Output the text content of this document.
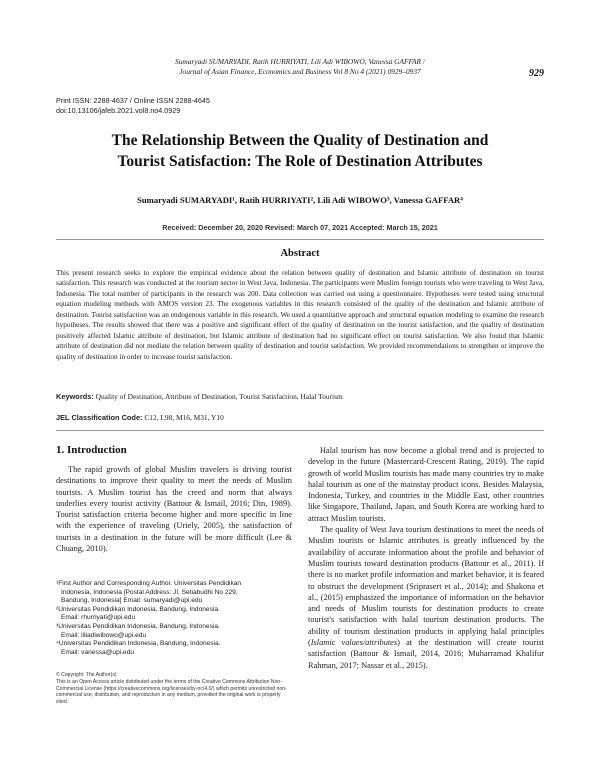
Sumaryadi SUMARYADI, Ratih HURRIYATI, Lili Adi WIBOWO, Vanessa GAFFAR /
Journal of Asian Finance, Economics and Business Vol 8 No 4 (2021) 0929–0937	929
Print ISSN: 2288-4637 / Online ISSN 2288-4645
doi:10.13106/jafeb.2021.vol8.no4.0929
The Relationship Between the Quality of Destination and
Tourist Satisfaction: The Role of Destination Attributes
Sumaryadi SUMARYADI¹, Ratih HURRIYATI², Lili Adi WIBOWO³, Vanessa GAFFAR⁴
Received: December 20, 2020 Revised: March 07, 2021 Accepted: March 15, 2021
Abstract
This present research seeks to explore the empirical evidence about the relation between quality of destination and Islamic attribute of destination on tourist satisfaction. This research was conducted at the tourism sector in West Java, Indonesia. The participants were Muslim foreign tourists who were traveling to West Java, Indonesia. The total number of participants in the research was 200. Data collection was carried out using a questionnaire. Hypotheses were tested using structural equation modeling methods with AMOS version 23. The exogenous variables in this research consisted of the quality of the destination and Islamic attribute of destination. Tourist satisfaction was an endogenous variable in this research. We used a quantitative approach and structural equation modeling to examine the research hypotheses. The results showed that there was a positive and significant effect of the quality of destination on the tourist satisfaction, and the quality of destination positively affected Islamic attribute of destination, but Islamic attribute of destination had no significant effect on tourist satisfaction. We also found that Islamic attribute of destination did not mediate the relation between quality of destination and tourist satisfaction. We provided recommendations to strengthen or improve the quality of destination in order to increase tourist satisfaction.
Keywords: Quality of Destination, Attribute of Destination, Tourist Satisfaction, Halal Tourism
JEL Classification Code: C12, L98, M16, M31, Y10
1. Introduction

The rapid growth of global Muslim travelers is driving tourist destinations to improve their quality to meet the needs of Muslim tourists. A Muslim tourist has the creed and norm that always underlies every tourist activity (Battour & Ismail, 2016; Din, 1989). Tourist satisfaction criteria become higher and more specific in line with the experience of traveling (Uriely, 2005), the satisfaction of tourists in a destination in the future will be more difficult (Lee & Chuang, 2010).

¹First Author and Corresponding Author. Universitas Pendidikan

Indonesia, Indonesia [Postal Address: Jl. Setiabudhi No 229,

Bandung, Indonesia] Email: sumaryadi@upi.edu

²Universitas Pendidikan Indonesia, Bandung, Indonesia.

Email: rhurriyati@upi.edu

³Universitas Pendidikan Indonesia, Bandung, Indonesia.

Email: liliadiwibowo@upi.edu

⁴Universitas Pendidikan Indonesia, Bandung, Indonesia.

Email: vanessa@upi.edu

© Copyright: The Author(s)
This is an Open Access article distributed under the terms of the Creative Commons Attribution Non-Commercial License (https://creativecommons.org/licenses/by-nc/4.0/) which permits unrestricted non-commercial use, distribution, and reproduction in any medium, provided the original work is properly cited.

Halal tourism has now become a global trend and is projected to develop in the future (Mastercard-Crescent Rating, 2019). The rapid growth of world Muslim tourists has made many countries try to make halal tourism as one of the mainstay product icons. Besides Malaysia, Indonesia, Turkey, and countries in the Middle East, other countries like Singapore, Thailand, Japan, and South Korea are working hard to attract Muslim tourists.

The quality of West Java tourism destinations to meet the needs of Muslim tourists or Islamic attributes is greatly influenced by the availability of accurate information about the profile and behavior of Muslim tourists toward destination products (Battour et al., 2011). If there is no market profile information and market behavior, it is feared to obstruct the development (Sriprasert et al., 2014); and Shakona et al., (2015) emphasized the importance of information on the behavior and needs of Muslim tourists for destination products to create tourist's satisfaction with halal tourism destination products. The ability of tourism destination products in applying halal principles (Islamic values/attributes) at the destination will create tourist satisfaction (Battour & Ismail, 2014, 2016; Muharramad Khalifur Rahman, 2017; Nassar et al., 2015).
